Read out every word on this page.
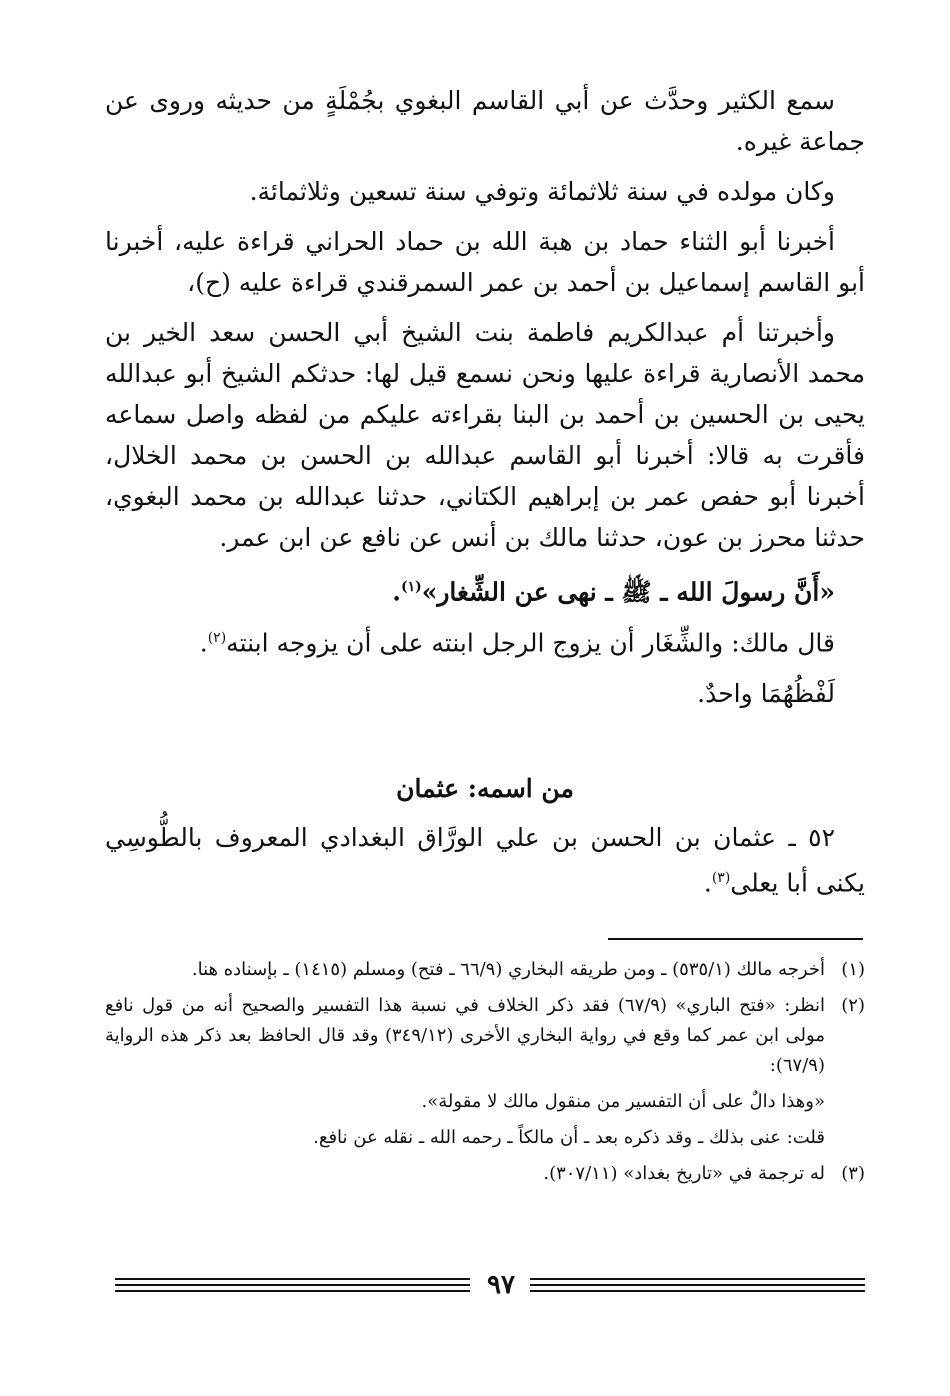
سمع الكثير وحدَّث عن أبي القاسم البغوي بجُمْلَةٍ من حديثه وروى عن جماعة غيره.

وكان مولده في سنة ثلاثمائة وتوفي سنة تسعين وثلاثمائة.

أخبرنا أبو الثناء حماد بن هبة الله بن حماد الحراني قراءة عليه، أخبرنا أبو القاسم إسماعيل بن أحمد بن عمر السمرقندي قراءة عليه (ح)،

وأخبرتنا أم عبدالكريم فاطمة بنت الشيخ أبي الحسن سعد الخير بن محمد الأنصارية قراءة عليها ونحن نسمع قيل لها: حدثكم الشيخ أبو عبدالله يحيى بن الحسين بن أحمد بن البنا بقراءته عليكم من لفظه واصل سماعه فأقرت به قالا: أخبرنا أبو القاسم عبدالله بن الحسن بن محمد الخلال، أخبرنا أبو حفص عمر بن إبراهيم الكتاني، حدثنا عبدالله بن محمد البغوي، حدثنا محرز بن عون، حدثنا مالك بن أنس عن نافع عن ابن عمر.

«أَنَّ رسولَ الله ـ ﷺ ـ نهى عن الشِّغار»$^{(١)}$.

قال مالك: والشِّغَار أن يزوج الرجل ابنته على أن يزوجه ابنته$^{(٢)}$.

لَفْظُهُمَا واحدٌ.

من اسمه: عثمان

٥٢ ـ عثمان بن الحسن بن علي الورَّاق البغدادي المعروف بالطُّوسِي يكنى أبا يعلى$^{(٣)}$.

(١)
أخرجه مالك (٥٣٥/١) ـ ومن طريقه البخاري (٦٦/٩ ـ فتح) ومسلم (١٤١٥) ـ بإسناده هنا.
(٢)
انظر: «فتح الباري» (٦٧/٩) فقد ذكر الخلاف في نسبة هذا التفسير والصحيح أنه من قول نافع مولى ابن عمر كما وقع في رواية البخاري الأخرى (٣٤٩/١٢) وقد قال الحافظ بعد ذكر هذه الرواية (٦٧/٩):
«وهذا دالٌ على أن التفسير من منقول مالك لا مقولة».
قلت: عنى بذلك ـ وقد ذكره بعد ـ أن مالكاً ـ رحمه الله ـ نقله عن نافع.
(٣)
له ترجمة في «تاريخ بغداد» (٣٠٧/١١).
٩٧
